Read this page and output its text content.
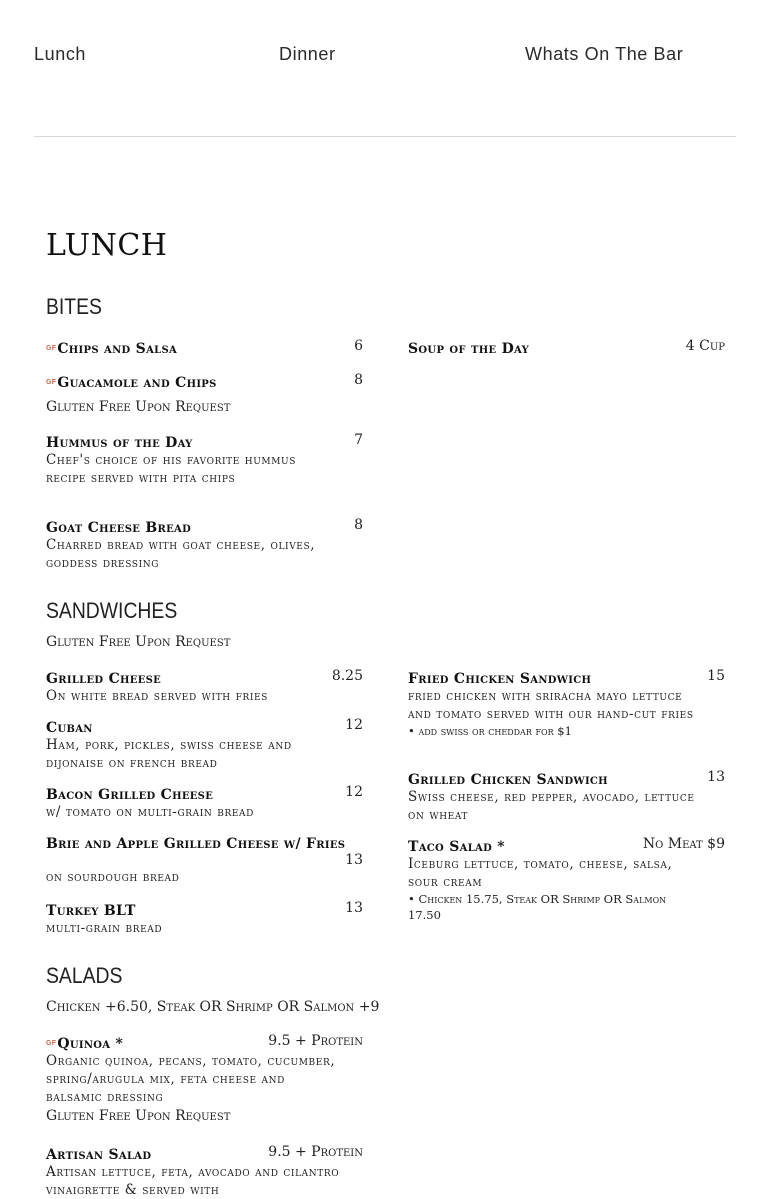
Lunch	Dinner	Whats On The Bar
LUNCH
BITES
GFChips and Salsa	6
GFGuacamole and Chips	8
Gluten Free Upon Request
Hummus of the Day	7
Chef's choice of his favorite hummus recipe served with pita chips
Goat Cheese Bread	8
Charred bread with goat cheese, olives, goddess dressing
Soup of the Day	4 Cup
SANDWICHES
Gluten Free Upon Request
Grilled Cheese	8.25
On white bread served with fries
Cuban	12
Ham, pork, pickles, swiss cheese and dijonaise on french bread
Bacon Grilled Cheese	12
w/ tomato on multi-grain bread
Brie and Apple Grilled Cheese w/ Fries
13
on sourdough bread
Turkey BLT	13
multi-grain bread
Fried Chicken Sandwich	15
fried chicken with sriracha mayo lettuce and tomato served with our hand-cut fries
• add swiss or cheddar for $1
Grilled Chicken Sandwich	13
Swiss cheese, red pepper, avocado, lettuce on wheat
Taco Salad *	No Meat $9
Iceburg lettuce, tomato, cheese, salsa, sour cream
• Chicken 15.75, Steak OR Shrimp OR Salmon 17.50
SALADS
Chicken +6.50, Steak OR Shrimp OR Salmon +9
GFQuinoa *	9.5 + Protein
Organic quinoa, pecans, tomato, cucumber, spring/arugula mix, feta cheese and balsamic dressing
Gluten Free Upon Request
Artisan Salad	9.5 + Protein
Artisan lettuce, feta, avocado and cilantro vinaigrette & served with
